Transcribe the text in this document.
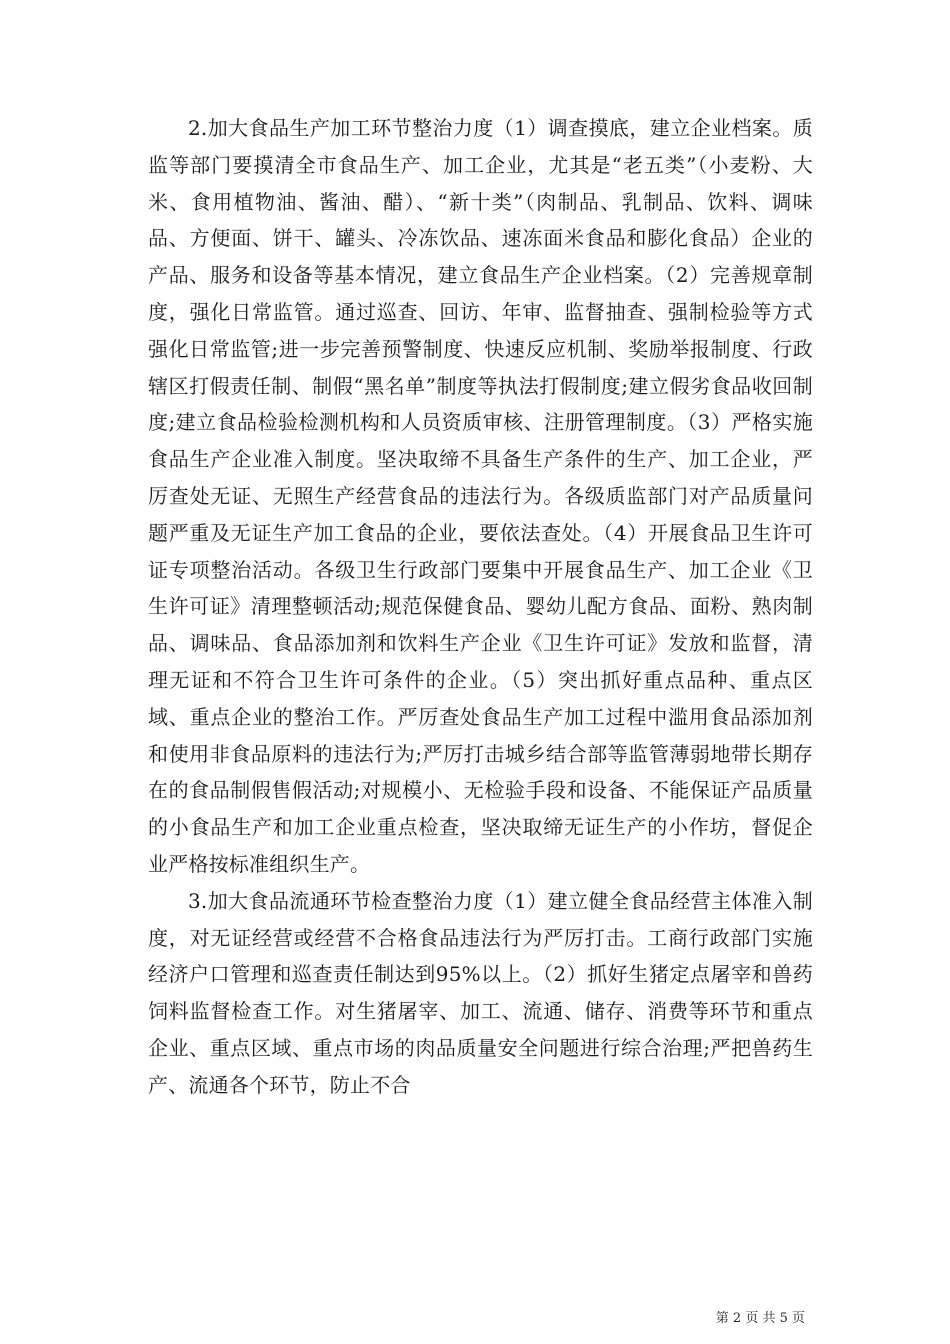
2.加大食品生产加工环节整治力度（1）调查摸底，建立企业档案。质监等部门要摸清全市食品生产、加工企业，尤其是“老五类”（小麦粉、大米、食用植物油、酱油、醋）、“新十类”（肉制品、乳制品、饮料、调味品、方便面、饼干、罐头、冷冻饮品、速冻面米食品和膨化食品）企业的产品、服务和设备等基本情况，建立食品生产企业档案。（2）完善规章制度，强化日常监管。通过巡查、回访、年审、监督抽查、强制检验等方式强化日常监管;进一步完善预警制度、快速反应机制、奖励举报制度、行政辖区打假责任制、制假“黑名单”制度等执法打假制度;建立假劣食品收回制度;建立食品检验检测机构和人员资质审核、注册管理制度。（3）严格实施食品生产企业准入制度。坚决取缔不具备生产条件的生产、加工企业，严厉查处无证、无照生产经营食品的违法行为。各级质监部门对产品质量问题严重及无证生产加工食品的企业，要依法查处。（4）开展食品卫生许可证专项整治活动。各级卫生行政部门要集中开展食品生产、加工企业《卫生许可证》清理整顿活动;规范保健食品、婴幼儿配方食品、面粉、熟肉制品、调味品、食品添加剂和饮料生产企业《卫生许可证》发放和监督，清理无证和不符合卫生许可条件的企业。（5）突出抓好重点品种、重点区域、重点企业的整治工作。严厉查处食品生产加工过程中滥用食品添加剂和使用非食品原料的违法行为;严厉打击城乡结合部等监管薄弱地带长期存在的食品制假售假活动;对规模小、无检验手段和设备、不能保证产品质量的小食品生产和加工企业重点检查，坚决取缔无证生产的小作坊，督促企业严格按标准组织生产。

3.加大食品流通环节检查整治力度（1）建立健全食品经营主体准入制度，对无证经营或经营不合格食品违法行为严厉打击。工商行政部门实施经济户口管理和巡查责任制达到95%以上。（2）抓好生猪定点屠宰和兽药饲料监督检查工作。对生猪屠宰、加工、流通、储存、消费等环节和重点企业、重点区域、重点市场的肉品质量安全问题进行综合治理;严把兽药生产、流通各个环节，防止不合

第 2 页 共 5 页
